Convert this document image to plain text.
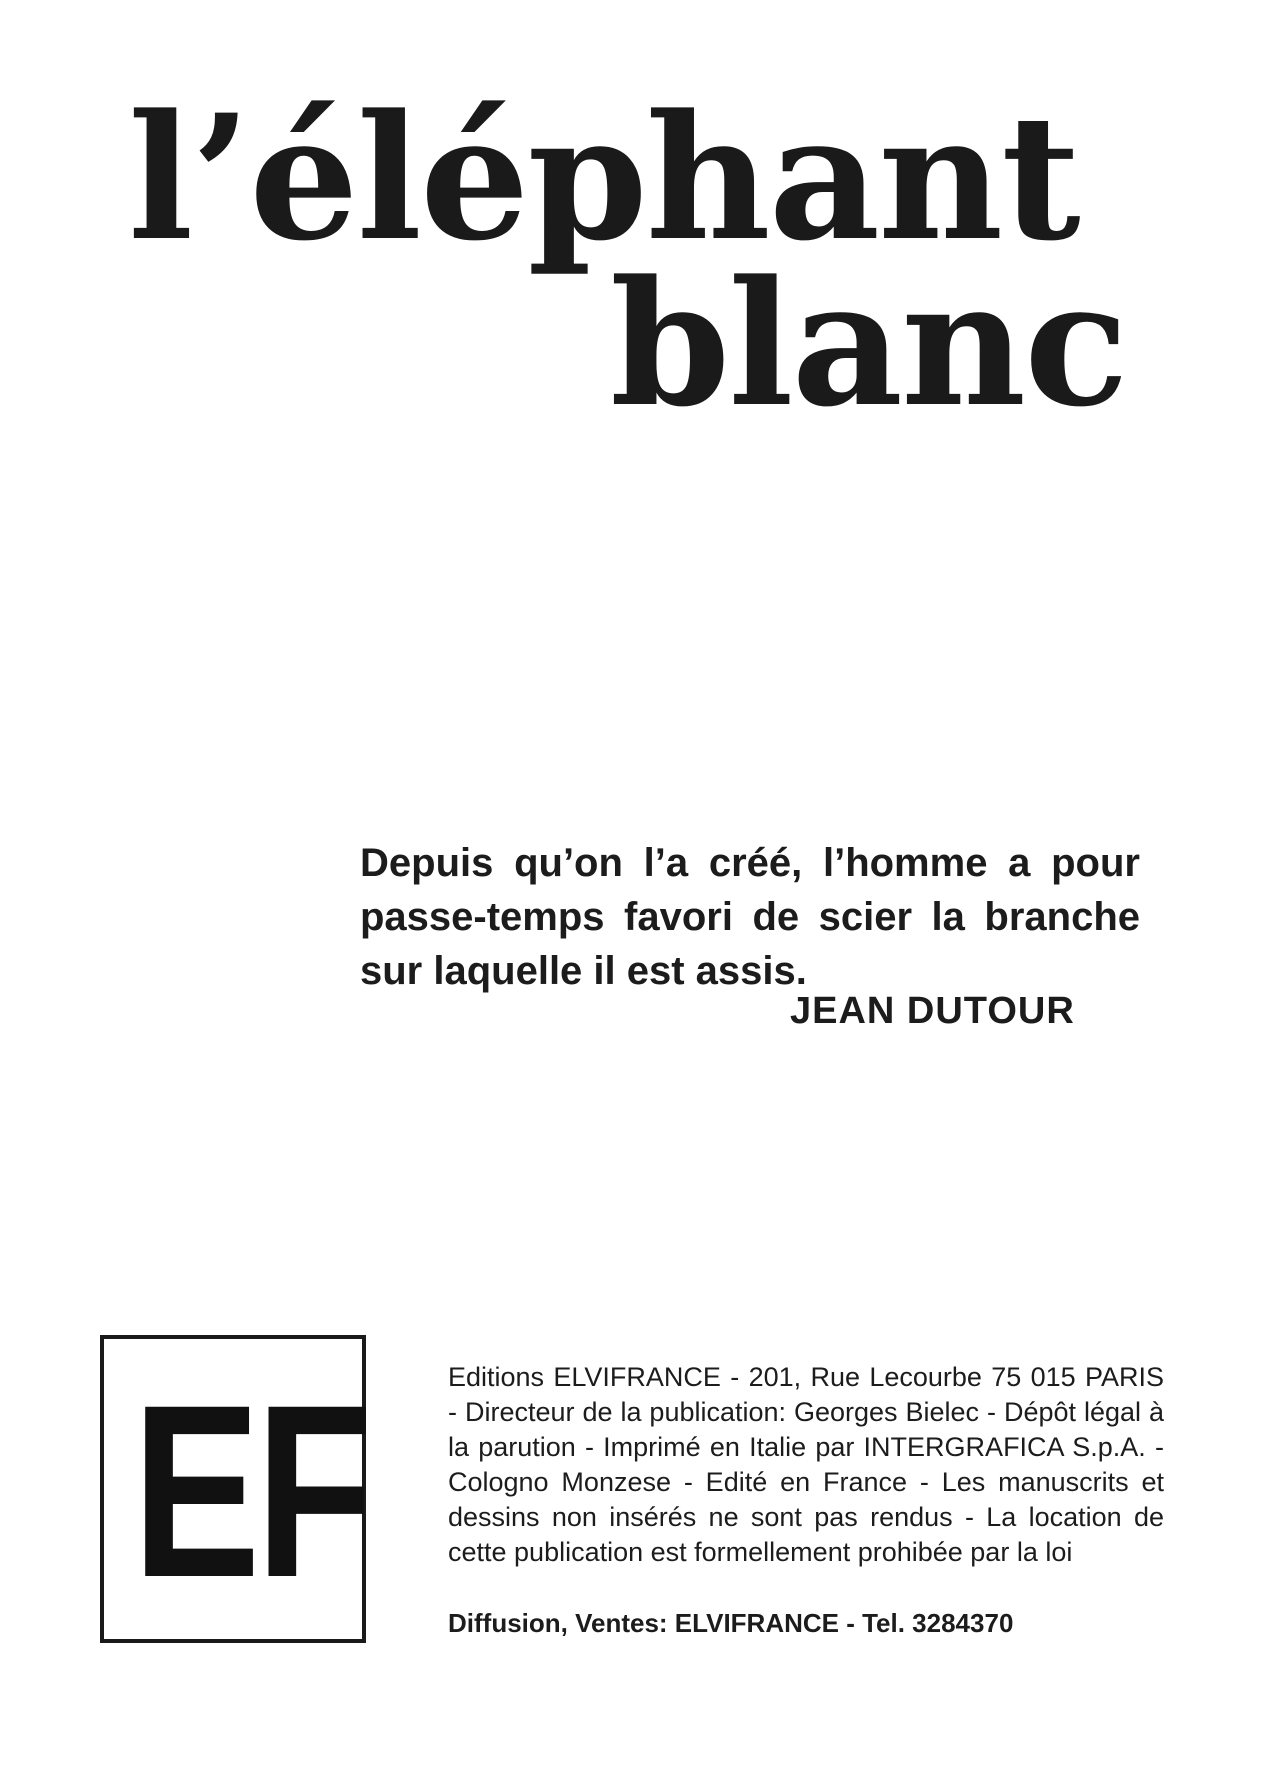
l’éléphant
blanc
Depuis qu’on l’a créé, l’homme a pour passe-temps favori de scier la branche sur laquelle il est assis.
JEAN DUTOUR
EF	Editions ELVIFRANCE - 201, Rue Lecourbe 75 015 PARIS - Directeur de la publication: Georges Bielec - Dépôt légal à la parution - Imprimé en Italie par INTERGRAFICA S.p.A. - Cologno Monzese - Edité en France - Les manuscrits et dessins non insérés ne sont pas rendus - La location de cette publication est formellement prohibée par la loi
Diffusion, Ventes: ELVIFRANCE - Tel. 3284370
